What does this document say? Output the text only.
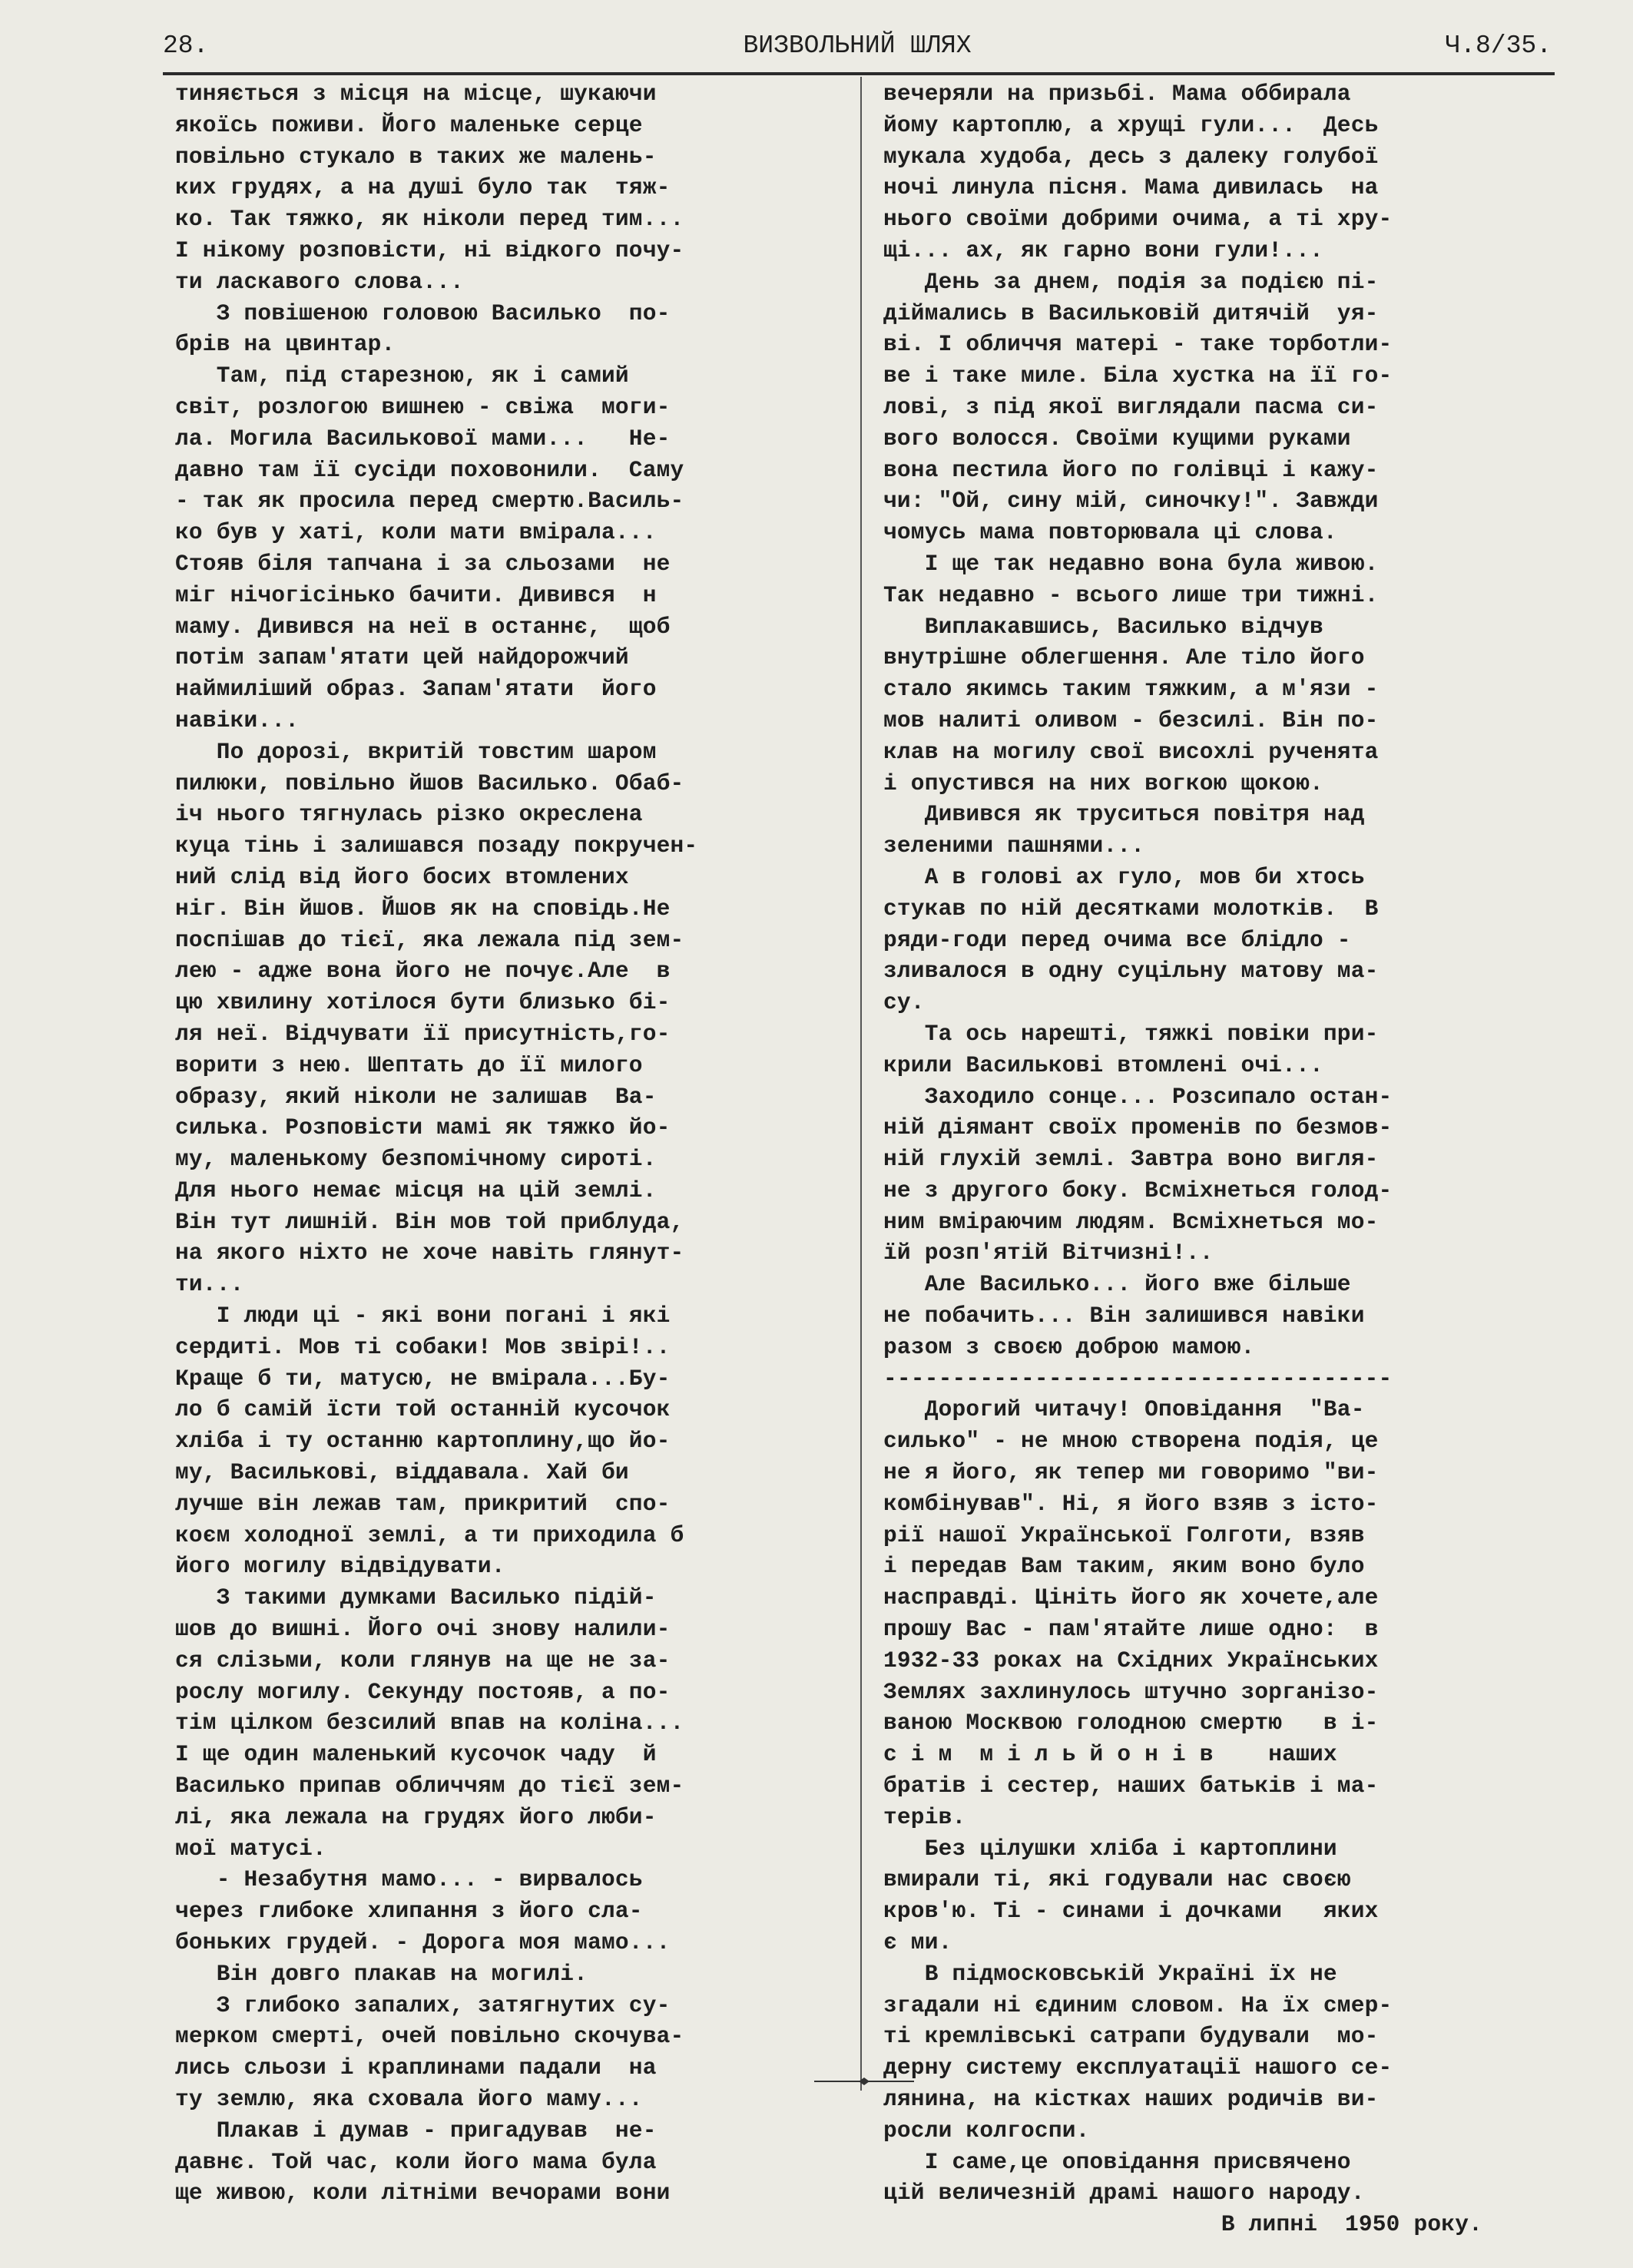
28.	ВИЗВОЛЬНИЙ ШЛЯХ	Ч.8/35.
тиняється з місця на місце, шукаючи
якоїсь поживи. Його маленьке серце
повільно стукало в таких же малень-
ких грудях, а на душі було так  тяж-
ко. Так тяжко, як ніколи перед тим...
І нікому розповісти, ні відкого почу-
ти ласкавого слова...
З повішеною головою Василько  по-
брів на цвинтар.
Там, під старезною, як і самий
світ, розлогою вишнею - свіжа  моги-
ла. Могила Василькової мами...   Не-
давно там її сусіди поховонили.  Саму
- так як просила перед смертю.Василь-
ко був у хаті, коли мати вмірала...
Стояв біля тапчана і за сльозами  не
міг нічогісінько бачити. Дивився  н
маму. Дивився на неї в останнє,  щоб
потім запам'ятати цей найдорожчий
наймиліший образ. Запам'ятати  його
навіки...
По дорозі, вкритій товстим шаром
пилюки, повільно йшов Василько. Обаб-
іч нього тягнулась різко окреслена
куца тінь і залишався позаду покручен-
ний слід від його босих втомлених
ніг. Він йшов. Йшов як на сповідь.Не
поспішав до тієї, яка лежала під зем-
лею - адже вона його не почує.Але  в
цю хвилину хотілося бути близько бі-
ля неї. Відчувати її присутність,го-
ворити з нею. Шептать до її милого
образу, який ніколи не залишав  Ва-
силька. Розповісти мамі як тяжко йо-
му, маленькому безпомічному сироті.
Для нього немає місця на цій землі.
Він тут лишній. Він мов той приблуда,
на якого ніхто не хоче навіть глянут-
ти...
І люди ці - які вони погані і які
сердиті. Мов ті собаки! Мов звірі!..
Краще б ти, матусю, не вмірала...Бу-
ло б самій їсти той останній кусочок
хліба і ту останню картоплину,що йо-
му, Василькові, віддавала. Хай би
лучше він лежав там, прикритий  спо-
коєм холодної землі, а ти приходила б
його могилу відвідувати.
З такими думками Василько підій-
шов до вишні. Його очі знову налили-
ся слізьми, коли глянув на ще не за-
рослу могилу. Секунду постояв, а по-
тім цілком безсилий впав на коліна...
І ще один маленький кусочок чаду  й
Василько припав обличчям до тієї зем-
лі, яка лежала на грудях його люби-
мої матусі.
- Незабутня мамо... - вирвалось
через глибоке хлипання з його сла-
боньких грудей. - Дорога моя мамо...
Він довго плакав на могилі.
З глибоко запалих, затягнутих су-
мерком смерті, очей повільно скочува-
лись сльози і краплинами падали  на
ту землю, яка сховала його маму...
Плакав і думав - пригадував  не-
давнє. Той час, коли його мама була
ще живою, коли літніми вечорами вони
вечеряли на призьбі. Мама оббирала
йому картоплю, а хрущі гули...  Десь
мукала худоба, десь з далеку голубої
ночі линула пісня. Мама дивилась  на
нього своїми добрими очима, а ті хру-
щі... ах, як гарно вони гули!...
День за днем, подія за подією пі-
діймались в Васильковій дитячій  уя-
ві. І обличчя матері - таке торботли-
ве і таке миле. Біла хустка на її го-
лові, з під якої виглядали пасма си-
вого волосся. Своїми кущими руками
вона пестила його по голівці і кажу-
чи: "Ой, сину мій, синочку!". Завжди
чомусь мама повторювала ці слова.
І ще так недавно вона була живою.
Так недавно - всього лише три тижні.
Виплакавшись, Василько відчув
внутрішне облегшення. Але тіло його
стало якимсь таким тяжким, а м'язи -
мов налиті оливом - безсилі. Він по-
клав на могилу свої висохлі рученята
і опустився на них вогкою щокою.
Дивився як труситься повітря над
зеленими пашнями...
А в голові ах гуло, мов би хтось
стукав по ній десятками молотків.  В
ряди-годи перед очима все блідло -
зливалося в одну суцільну матову ма-
су.
Та ось нарешті, тяжкі повіки при-
крили Василькові втомлені очі...
Заходило сонце... Розсипало остан-
ній діямант своїх променів по безмов-
ній глухій землі. Завтра воно вигля-
не з другого боку. Всміхнеться голод-
ним вміраючим людям. Всміхнеться мо-
їй розп'ятій Вітчизні!..
Але Василько... його вже більше
не побачить... Він залишився навіки
разом з своєю доброю мамою.
-------------------------------------
Дорогий читачу! Оповідання  "Ва-
силько" - не мною створена подія, це
не я його, як тепер ми говоримо "ви-
комбінував". Ні, я його взяв з істо-
рії нашої Української Голготи, взяв
і передав Вам таким, яким воно було
насправді. Цініть його як хочете,але
прошу Вас - пам'ятайте лише одно:  в
1932-33 роках на Східних Українських
Землях захлинулось штучно зорганізо-
ваною Москвою голодною смертю   в і-
с і м  м і л ь й о н і в    наших
братів і сестер, наших батьків і ма-
терів.
Без цілушки хліба і картоплини
вмирали ті, які годували нас своєю
кров'ю. Ті - синами і дочками   яких
є ми.
В підмосковській Україні їх не
згадали ні єдиним словом. На їх смер-
ті кремлівські сатрапи будували  мо-
дерну систему експлуатації нашого се-
лянина, на кістках наших родичів ви-
росли колгоспи.
І саме,це оповідання присвячено
цій величезній драмі нашого народу.
В липні  1950 року.
